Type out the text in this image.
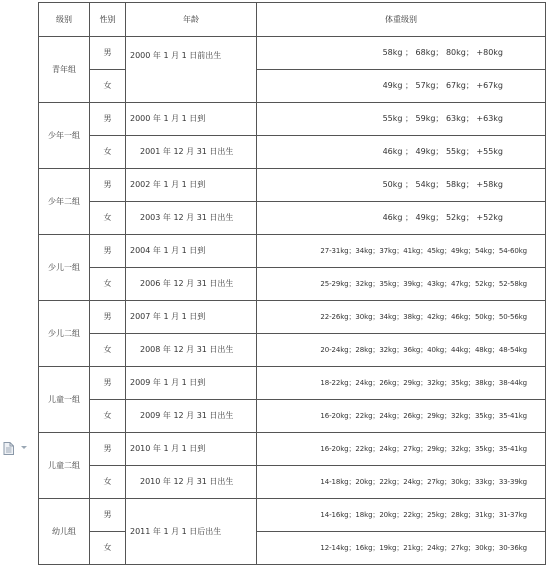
级别	性别	年龄	体重级别
青年组	男	2000 年 1 月 1 日前出生	58kg ； 68kg； 80kg； +80kg
	女		49kg ； 57kg； 67kg； +67kg
少年一组	男	2000 年 1 月 1 日到	55kg ； 59kg； 63kg； +63kg
	女	2001 年 12 月 31 日出生	46kg ； 49kg； 55kg； +55kg
少年二组	男	2002 年 1 月 1 日到	50kg ； 54kg； 58kg； +58kg
	女	2003 年 12 月 31 日出生	46kg ； 49kg； 52kg； +52kg
少儿一组	男	2004 年 1 月 1 日到	27-31kg；34kg；37kg；41kg；45kg；49kg；54kg；54-60kg
	女	2006 年 12 月 31 日出生	25-29kg；32kg；35kg；39kg；43kg；47kg；52kg；52-58kg
少儿二组	男	2007 年 1 月 1 日到	22-26kg；30kg；34kg；38kg；42kg；46kg；50kg；50-56kg
	女	2008 年 12 月 31 日出生	20-24kg；28kg；32kg；36kg；40kg；44kg；48kg；48-54kg
儿童一组	男	2009 年 1 月 1 日到	18-22kg；24kg；26kg；29kg；32kg；35kg；38kg；38-44kg
	女	2009 年 12 月 31 日出生	16-20kg；22kg；24kg；26kg；29kg；32kg；35kg；35-41kg
儿童二组	男	2010 年 1 月 1 日到	16-20kg；22kg；24kg；27kg；29kg；32kg；35kg；35-41kg
	女	2010 年 12 月 31 日出生	14-18kg；20kg；22kg；24kg；27kg；30kg；33kg；33-39kg
幼儿组	男	2011 年 1 月 1 日后出生	14-16kg；18kg；20kg；22kg；25kg；28kg；31kg；31-37kg
	女		12-14kg；16kg；19kg；21kg；24kg；27kg；30kg；30-36kg
